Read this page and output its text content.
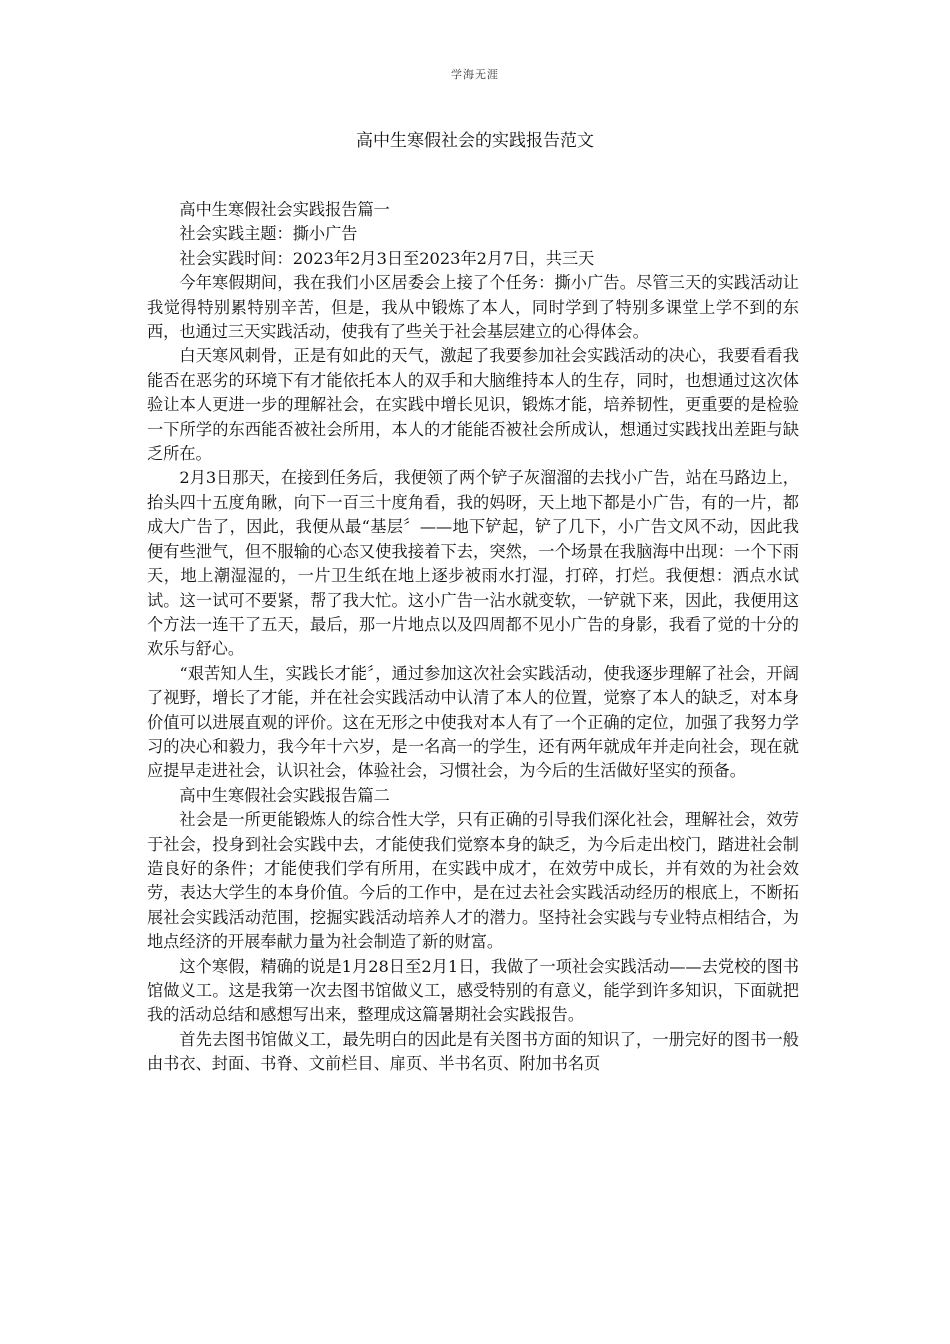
学海无涯
高中生寒假社会的实践报告范文

高中生寒假社会实践报告篇一

社会实践主题：撕小广告

社会实践时间：2023年2月3日至2023年2月7日，共三天

今年寒假期间，我在我们小区居委会上接了个任务：撕小广告。尽管三天的实践活动让我觉得特别累特别辛苦，但是，我从中锻炼了本人，同时学到了特别多课堂上学不到的东西，也通过三天实践活动，使我有了些关于社会基层建立的心得体会。

白天寒风刺骨，正是有如此的天气，激起了我要参加社会实践活动的决心，我要看看我能否在恶劣的环境下有才能依托本人的双手和大脑维持本人的生存，同时，也想通过这次体验让本人更进一步的理解社会，在实践中增长见识，锻炼才能，培养韧性，更重要的是检验一下所学的东西能否被社会所用，本人的才能能否被社会所成认，想通过实践找出差距与缺乏所在。

2月3日那天，在接到任务后，我便领了两个铲子灰溜溜的去找小广告，站在马路边上，抬头四十五度角瞅，向下一百三十度角看，我的妈呀，天上地下都是小广告，有的一片，都成大广告了，因此，我便从最“基层〞——地下铲起，铲了几下，小广告文风不动，因此我便有些泄气，但不服输的心态又使我接着下去，突然，一个场景在我脑海中出现：一个下雨天，地上潮湿湿的，一片卫生纸在地上逐步被雨水打湿，打碎，打烂。我便想：洒点水试试。这一试可不要紧，帮了我大忙。这小广告一沾水就变软，一铲就下来，因此，我便用这个方法一连干了五天，最后，那一片地点以及四周都不见小广告的身影，我看了觉的十分的欢乐与舒心。

“艰苦知人生，实践长才能〞，通过参加这次社会实践活动，使我逐步理解了社会，开阔了视野，增长了才能，并在社会实践活动中认清了本人的位置，觉察了本人的缺乏，对本身价值可以进展直观的评价。这在无形之中使我对本人有了一个正确的定位，加强了我努力学习的决心和毅力，我今年十六岁，是一名高一的学生，还有两年就成年并走向社会，现在就应提早走进社会，认识社会，体验社会，习惯社会，为今后的生活做好坚实的预备。

高中生寒假社会实践报告篇二

社会是一所更能锻炼人的综合性大学，只有正确的引导我们深化社会，理解社会，效劳于社会，投身到社会实践中去，才能使我们觉察本身的缺乏，为今后走出校门，踏进社会制造良好的条件；才能使我们学有所用，在实践中成才，在效劳中成长，并有效的为社会效劳，表达大学生的本身价值。今后的工作中，是在过去社会实践活动经历的根底上，不断拓展社会实践活动范围，挖掘实践活动培养人才的潜力。坚持社会实践与专业特点相结合，为地点经济的开展奉献力量为社会制造了新的财富。

这个寒假，精确的说是1月28日至2月1日，我做了一项社会实践活动——去党校的图书馆做义工。这是我第一次去图书馆做义工，感受特别的有意义，能学到许多知识，下面就把我的活动总结和感想写出来，整理成这篇暑期社会实践报告。

首先去图书馆做义工，最先明白的因此是有关图书方面的知识了，一册完好的图书一般由书衣、封面、书脊、文前栏目、扉页、半书名页、附加书名页
